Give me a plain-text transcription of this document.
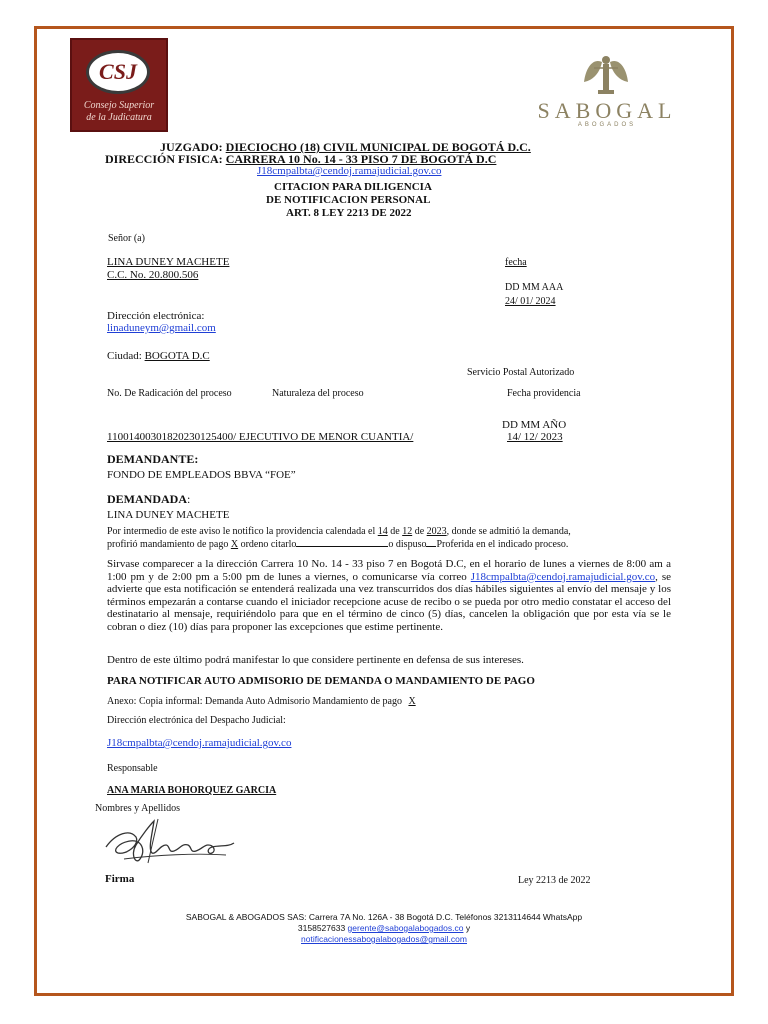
CSJ
Consejo Superior
de la Judicatura	SABOGAL
ABOGADOS
JUZGADO: DIECIOCHO (18) CIVIL MUNICIPAL DE BOGOTÁ D.C.
DIRECCIÓN FISICA: CARRERA 10 No. 14 - 33 PISO 7 DE BOGOTÁ D.C
J18cmpalbta@cendoj.ramajudicial.gov.co
CITACION PARA DILIGENCIA
DE NOTIFICACION PERSONAL
ART. 8 LEY 2213 DE 2022
Señor (a)
LINA DUNEY MACHETE
C.C. No. 20.800.506
fecha
DD MM AAA
24/ 01/ 2024
Dirección electrónica:
linaduneym@gmail.com
Ciudad: BOGOTA D.C
Servicio Postal Autorizado
No. De Radicación del proceso	Naturaleza del proceso	Fecha providencia
DD MM AÑO
11001400301820230125400/ EJECUTIVO DE MENOR CUANTIA/	14/ 12/ 2023
DEMANDANTE:
FONDO DE EMPLEADOS BBVA “FOE”
DEMANDADA:
LINA DUNEY MACHETE
Por intermedio de este aviso le notifico la providencia calendada el 14 de 12 de 2023, donde se admitió la demanda,
profirió mandamiento de pago X ordeno citarlo	o dispuso Proferida en el indicado proceso.
Sirvase comparecer a la dirección Carrera 10 No. 14 - 33 piso 7 en Bogotá D.C, en el horario de lunes a viernes de 8:00 am a 1:00 pm y de 2:00 pm a 5:00 pm de lunes a viernes, o comunicarse vía correo J18cmpalbta@cendoj.ramajudicial.gov.co, se advierte que esta notificación se entenderá realizada una vez transcurridos dos días hábiles siguientes al envío del mensaje y los términos empezarán a contarse cuando el iniciador recepcione acuse de recibo o se pueda por otro medio constatar el acceso del destinatario al mensaje, requiriéndolo para que en el término de cinco (5) días, cancelen la obligación que por esta vía se le cobran o diez (10) días para proponer las excepciones que estime pertinente.
Dentro de este último podrá manifestar lo que considere pertinente en defensa de sus intereses.
PARA NOTIFICAR AUTO ADMISORIO DE DEMANDA O MANDAMIENTO DE PAGO
Anexo: Copia informal: Demanda Auto Admisorio Mandamiento de pago X
Dirección electrónica del Despacho Judicial:
J18cmpalbta@cendoj.ramajudicial.gov.co
Responsable
ANA MARIA BOHORQUEZ GARCIA
Nombres y Apellidos
Firma	Ley 2213 de 2022
SABOGAL & ABOGADOS SAS: Carrera 7A No. 126A - 38 Bogotá D.C. Teléfonos 3213114644 WhatsApp
3158527633 gerente@sabogalabogados.co y
notificacionessabogalabogados@gmail.com
